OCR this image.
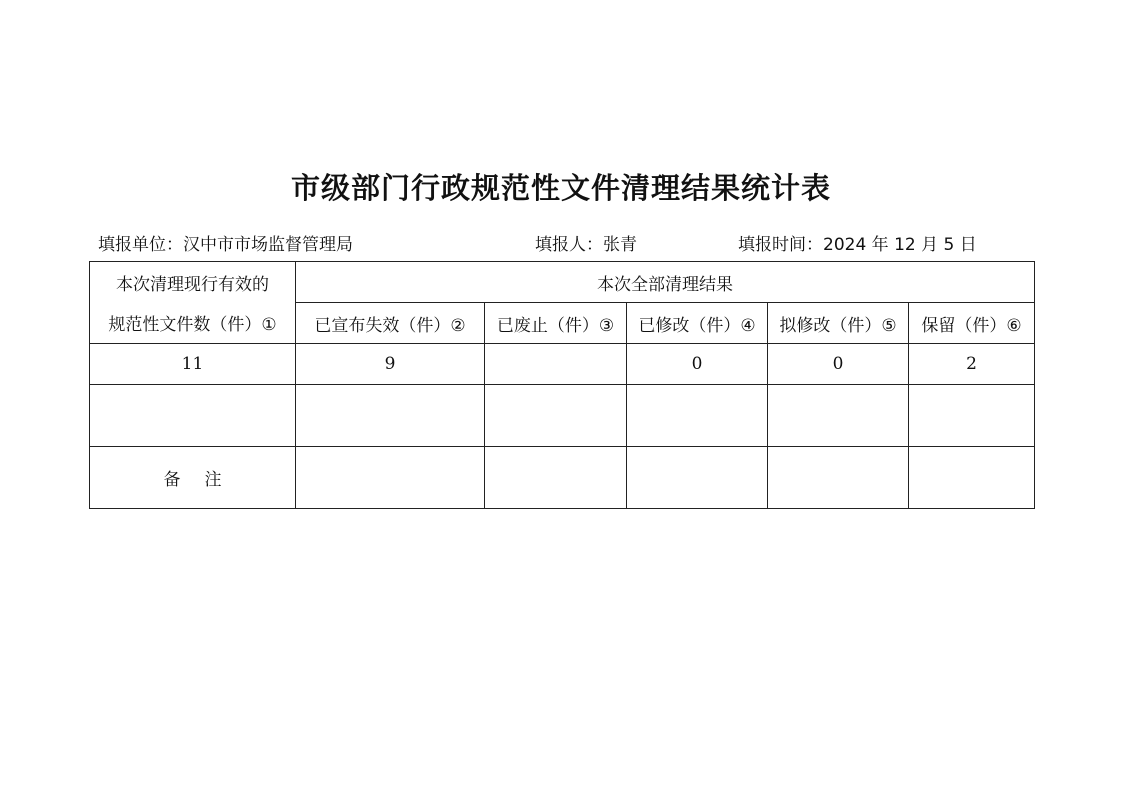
市级部门行政规范性文件清理结果统计表
填报单位：汉中市市场监督管理局	填报人：张青	填报时间：2024 年 12 月 5 日
本次清理现行有效的	本次全部清理结果				
规范性文件数（件）①	已宣布失效（件）②	已废止（件）③	已修改（件）④	拟修改（件）⑤	保留（件）⑥
11	9		0	0	2

备注					
